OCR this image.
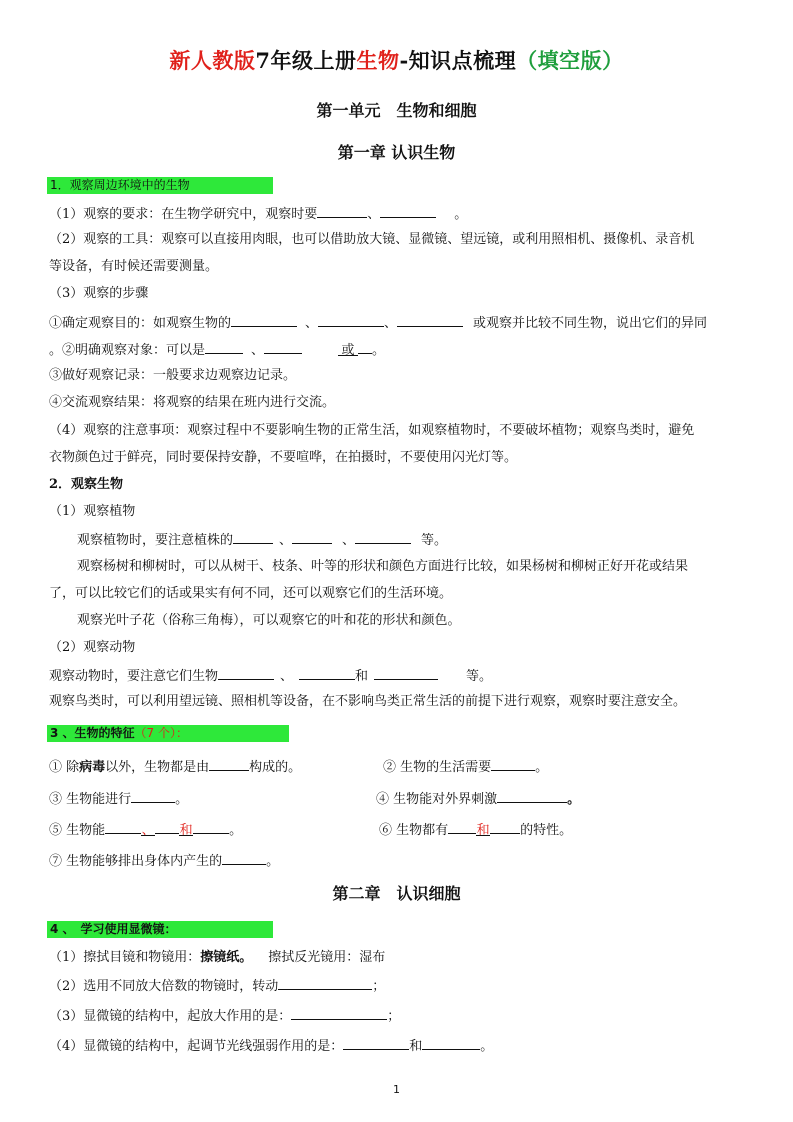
新人教版7年级上册生物-知识点梳理（填空版）
第一单元　生物和细胞
第一章 认识生物
1．观察周边环境中的生物
（1）观察的要求：在生物学研究中，观察时要	、	。
（2）观察的工具：观察可以直接用肉眼，也可以借助放大镜、显微镜、望远镜，或利用照相机、摄像机、录音机
等设备，有时候还需要测量。
（3）观察的步骤
①确定观察目的：如观察生物的	、	、	或观察并比较不同生物，说出它们的异同
。②明确观察对象：可以是	、	或 。
③做好观察记录：一般要求边观察边记录。
④交流观察结果：将观察的结果在班内进行交流。
（4）观察的注意事项：观察过程中不要影响生物的正常生活，如观察植物时，不要破坏植物；观察鸟类时，避免
衣物颜色过于鲜亮，同时要保持安静，不要喧哗，在拍摄时，不要使用闪光灯等。
2．观察生物
（1）观察植物
观察植物时，要注意植株的	、	、	等。
观察杨树和柳树时，可以从树干、枝条、叶等的形状和颜色方面进行比较，如果杨树和柳树正好开花或结果
了，可以比较它们的话或果实有何不同，还可以观察它们的生活环境。
观察光叶子花（俗称三角梅），可以观察它的叶和花的形状和颜色。
（2）观察动物
观察动物时，要注意它们生物	、	和	等。
观察鸟类时，可以利用望远镜、照相机等设备，在不影响鸟类正常生活的前提下进行观察，观察时要注意安全。
3 、生物的特征（7 个）：
① 除病毒以外，生物都是由	构成的。	② 生物的生活需要	。
③ 生物能进行	。	④ 生物能对外界刺激	。
⑤ 生物能	、 和	。	⑥ 生物都有 和 的特性。
⑦ 生物能够排出身体内产生的	。
第二章　认识细胞
4 、　学习使用显微镜：
（1）擦拭目镜和物镜用：擦镜纸。 擦拭反光镜用：湿布
（2）选用不同放大倍数的物镜时，转动	；
（3）显微镜的结构中，起放大作用的是：	；
（4）显微镜的结构中，起调节光线强弱作用的是：	和	。
1
